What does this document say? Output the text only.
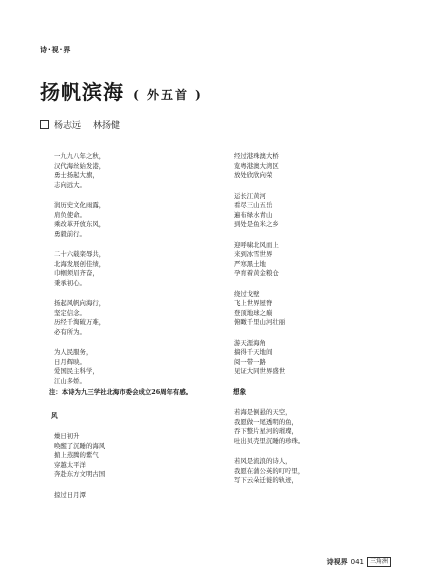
诗·视·界
扬帆滨海 ( 外五首 )
杨志远 林扬健
一九九八年之秋，
汉代海丝始发港，
勇士扬起大旗，
志向远大。
润历史文化雨露，
肩负使命。
乘改革开放东风，
勇毅前行。
二十六载栾辱共，
北海发展创佳绩，
巾帼须眉齐奋，
秉承初心。
扬起风帆向海行，
坚定信念。
历经千淘破万难，
必有所为。
为人民服务，
日月辉映。
爱国民主科学，
江山多娇。
注：本诗为九三学社北海市委会成立26周年有感。
风
燥日初升
唤醒了沉睡的海风
掮上蒸腾的紫气
穿越太平洋
奔赴东方文明古国
掠过日月潭
经过港珠澳大桥
览粤港澳大湾区
放处欣欣向荣
运长江黄河
看尽三山五岳
遍布绿水青山
到处是鱼米之乡
迎呼啸北风而上
来到冰雪世界
严寒黑土地
孕育着黄金粮仓
绕过戈壁
飞上世界屋脊
登顶地球之巅
俯瞰千里山河壮丽
游天涯海角
搞得千天地间
阅一带一路
见证大同世界盛世
想象
若海是倒悬的天空，
我愿做一尾透明的鱼，
吞下整片星河的璀璨，
吐出贝壳里沉睡的珍珠。
若风是流浪的诗人，
我愿在蒲公英的叮咛里，
写下云朵迁徙的轨迹，
诗视界 041	三角洲
